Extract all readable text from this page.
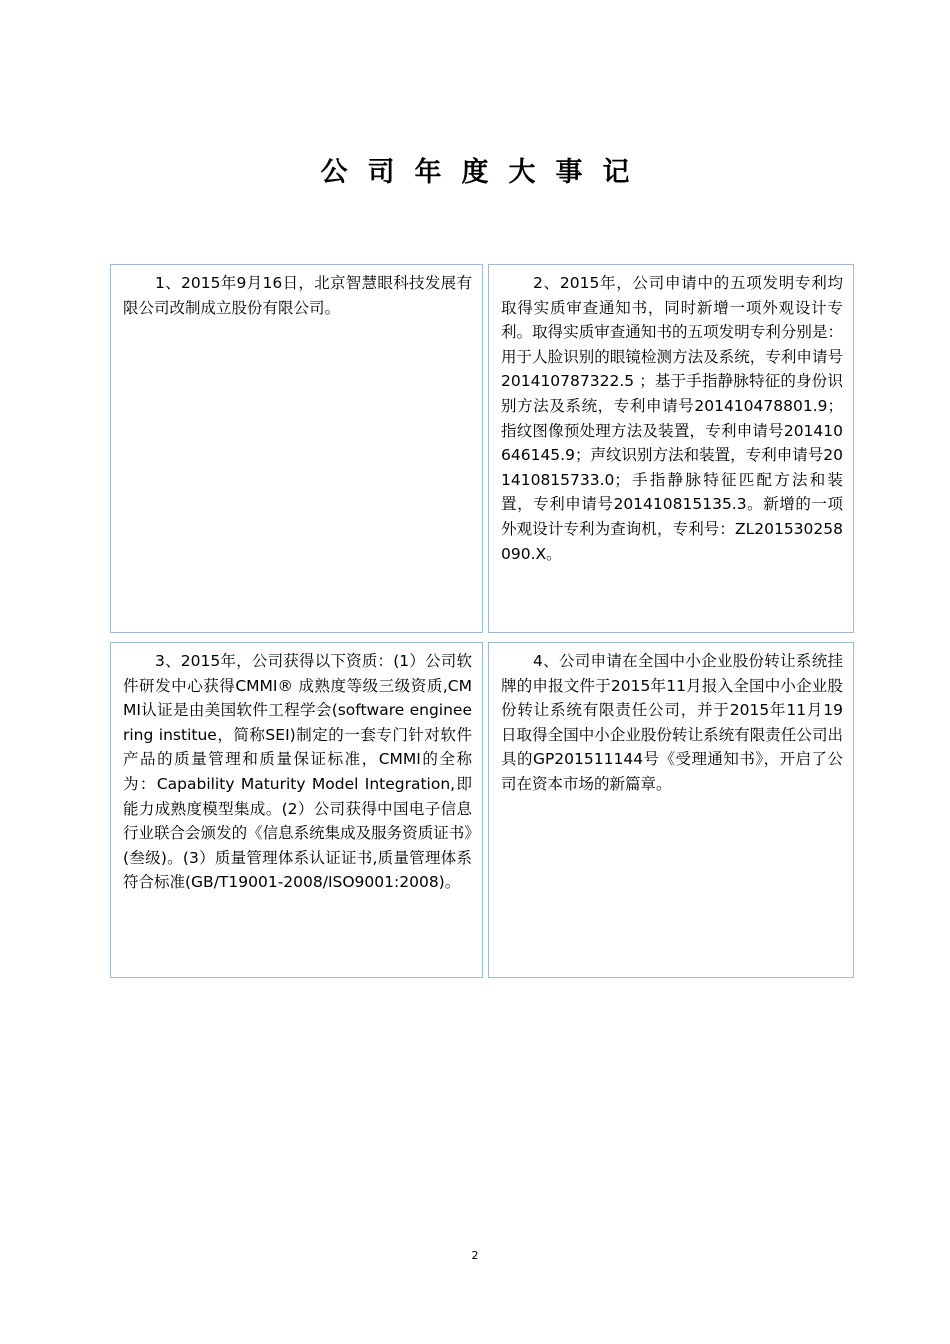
公司年度大事记
1、2015年9月16日，北京智慧眼科技发展有限公司改制成立股份有限公司。
2、2015年，公司申请中的五项发明专利均取得实质审查通知书，同时新增一项外观设计专利。取得实质审查通知书的五项发明专利分别是：用于人脸识别的眼镜检测方法及系统，专利申请号201410787322.5 ；基于手指静脉特征的身份识别方法及系统，专利申请号201410478801.9；指纹图像预处理方法及装置，专利申请号201410646145.9；声纹识别方法和装置，专利申请号201410815733.0；手指静脉特征匹配方法和装置，专利申请号201410815135.3。新增的一项外观设计专利为查询机，专利号：ZL201530258090.X。
3、2015年，公司获得以下资质：(1）公司软件研发中心获得CMMI® 成熟度等级三级资质,CMMI认证是由美国软件工程学会(software engineering institue，简称SEI)制定的一套专门针对软件产品的质量管理和质量保证标准，CMMI的全称为：Capability Maturity Model Integration,即能力成熟度模型集成。(2）公司获得中国电子信息行业联合会颁发的《信息系统集成及服务资质证书》(叁级)。(3）质量管理体系认证证书,质量管理体系符合标准(GB/T19001-2008/ISO9001:2008)。
4、公司申请在全国中小企业股份转让系统挂牌的申报文件于2015年11月报入全国中小企业股份转让系统有限责任公司，并于2015年11月19日取得全国中小企业股份转让系统有限责任公司出具的GP201511144号《受理通知书》，开启了公司在资本市场的新篇章。
2
